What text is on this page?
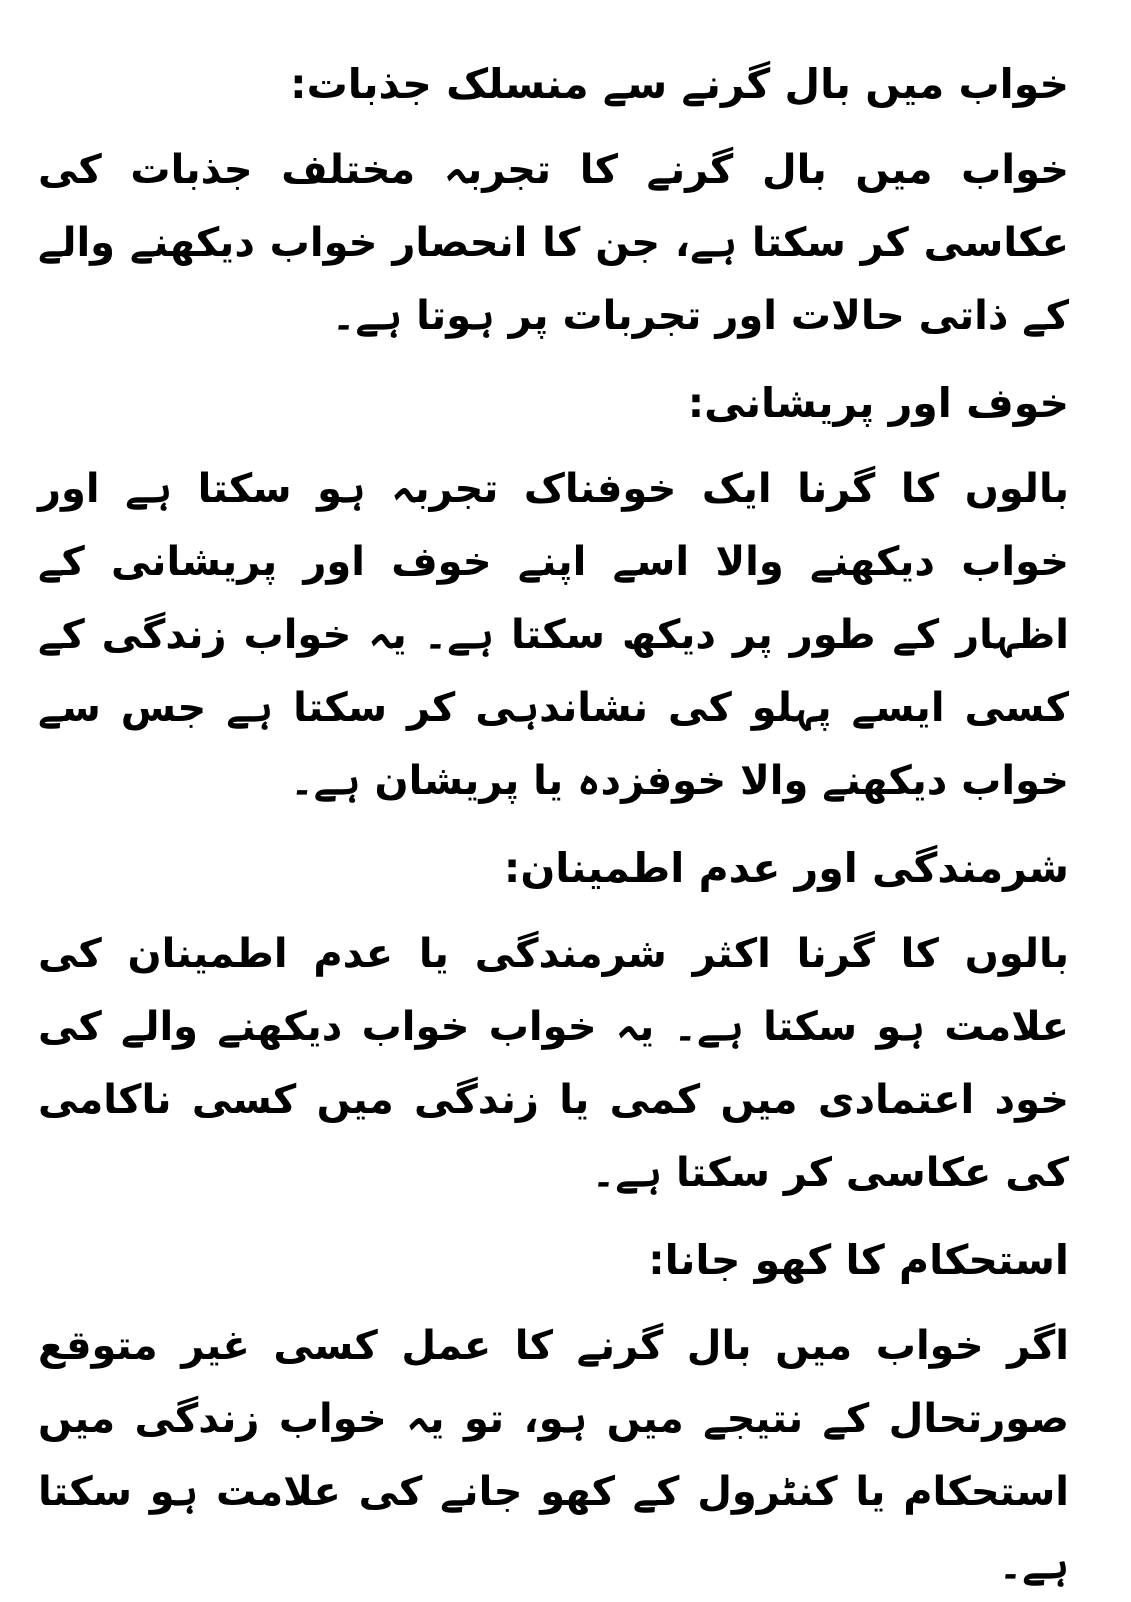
خواب میں بال گرنے سے منسلک جذبات:
خواب میں بال گرنے کا تجربہ مختلف جذبات کی عکاسی کر سکتا ہے، جن کا انحصار خواب دیکھنے والے کے ذاتی حالات اور تجربات پر ہوتا ہے۔
خوف اور پریشانی:
بالوں کا گرنا ایک خوفناک تجربہ ہو سکتا ہے اور خواب دیکھنے والا اسے اپنے خوف اور پریشانی کے اظہار کے طور پر دیکھ سکتا ہے۔ یہ خواب زندگی کے کسی ایسے پہلو کی نشاندہی کر سکتا ہے جس سے خواب دیکھنے والا خوفزدہ یا پریشان ہے۔
شرمندگی اور عدم اطمینان:
بالوں کا گرنا اکثر شرمندگی یا عدم اطمینان کی علامت ہو سکتا ہے۔ یہ خواب خواب دیکھنے والے کی خود اعتمادی میں کمی یا زندگی میں کسی ناکامی کی عکاسی کر سکتا ہے۔
استحکام کا کھو جانا:
اگر خواب میں بال گرنے کا عمل کسی غیر متوقع صورتحال کے نتیجے میں ہو، تو یہ خواب زندگی میں استحکام یا کنٹرول کے کھو جانے کی علامت ہو سکتا ہے۔
